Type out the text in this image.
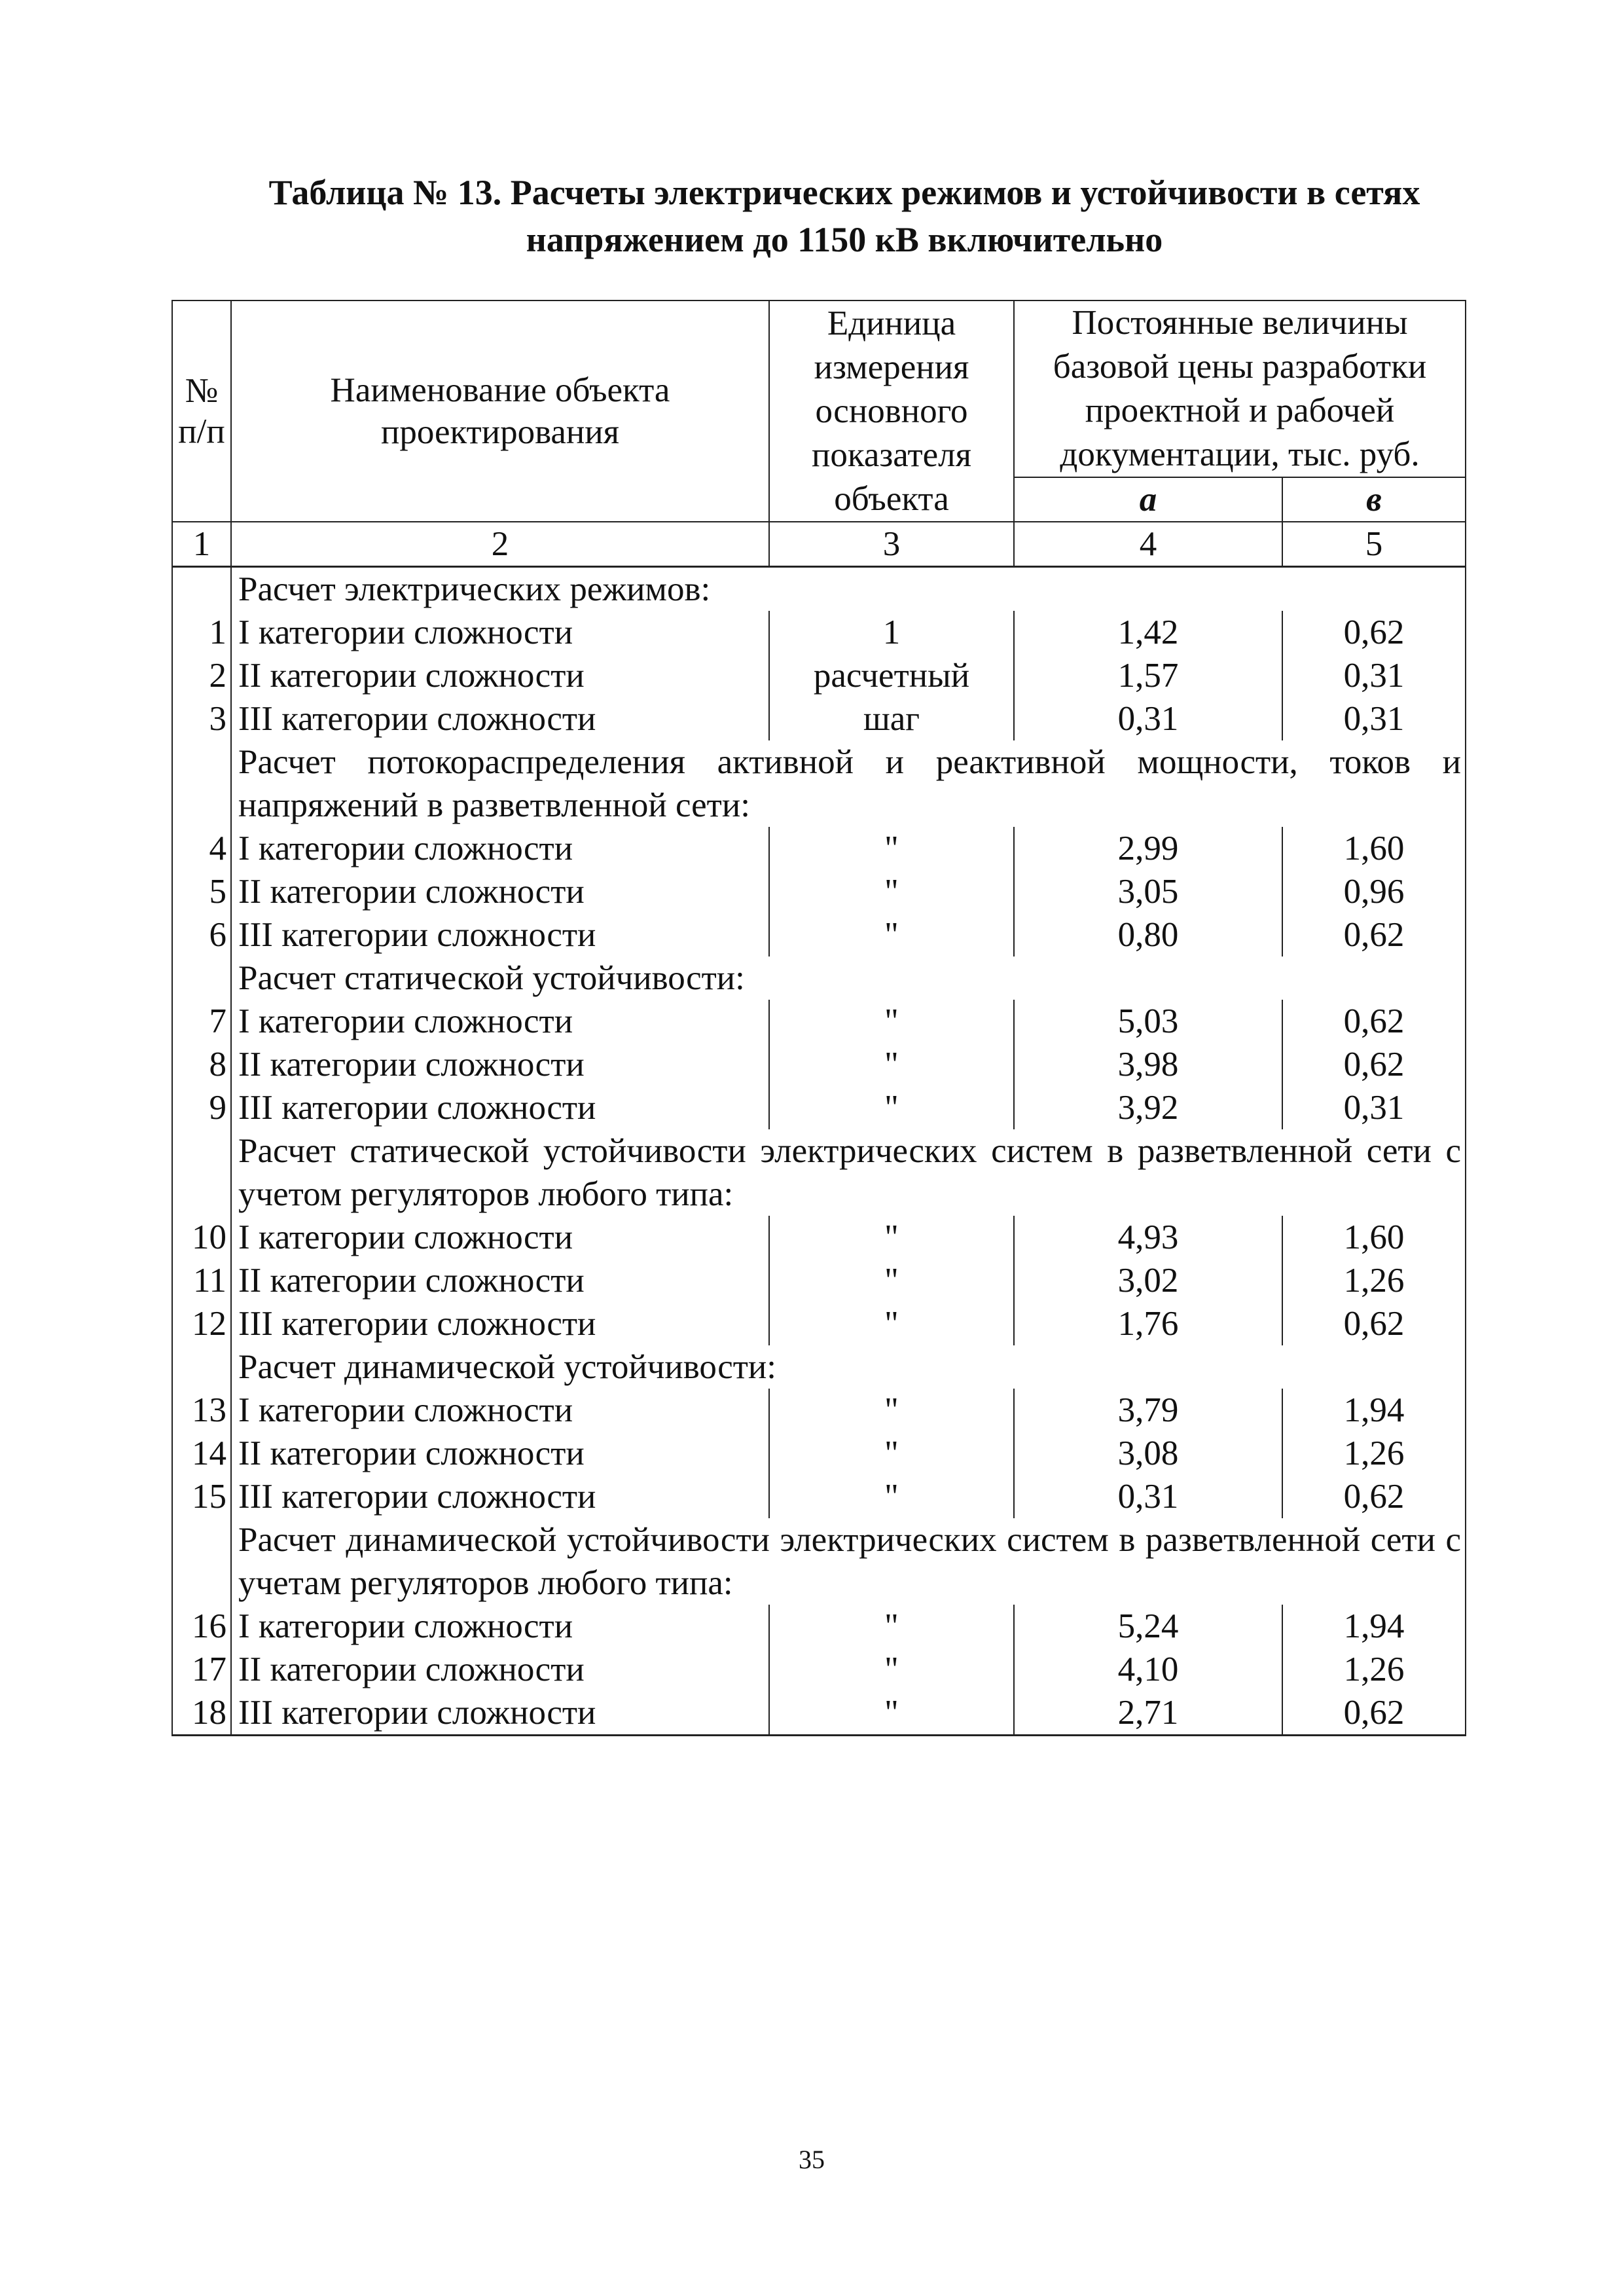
Таблица № 13. Расчеты электрических режимов и устойчивости в сетях
напряжением до 1150 кВ включительно
№ п/п	Наименование объекта проектирования	Единица измерения основного показателя объекта	Постоянные величины базовой цены разработки проектной и рабочей документации, тыс. руб.	
			а	в
1	2	3	4	5
	Расчет электрических режимов:			
1	I категории сложности	1	1,42	0,62
2	II категории сложности	расчетный	1,57	0,31
3	III категории сложности	шаг	0,31	0,31
	Расчет потокораспределения активной и реактивной мощности, токов и напряжений в разветвленной сети:			
4	I категории сложности	"	2,99	1,60
5	II категории сложности	"	3,05	0,96
6	III категории сложности	"	0,80	0,62
	Расчет статической устойчивости:			
7	I категории сложности	"	5,03	0,62
8	II категории сложности	"	3,98	0,62
9	III категории сложности	"	3,92	0,31
	Расчет статической устойчивости электрических систем в разветвленной сети с учетом регуляторов любого типа:			
10	I категории сложности	"	4,93	1,60
11	II категории сложности	"	3,02	1,26
12	III категории сложности	"	1,76	0,62
	Расчет динамической устойчивости:			
13	I категории сложности	"	3,79	1,94
14	II категории сложности	"	3,08	1,26
15	III категории сложности	"	0,31	0,62
	Расчет динамической устойчивости электрических систем в разветвленной сети с учетам регуляторов любого типа:			
16	I категории сложности	"	5,24	1,94
17	II категории сложности	"	4,10	1,26
18	III категории сложности	"	2,71	0,62
35
